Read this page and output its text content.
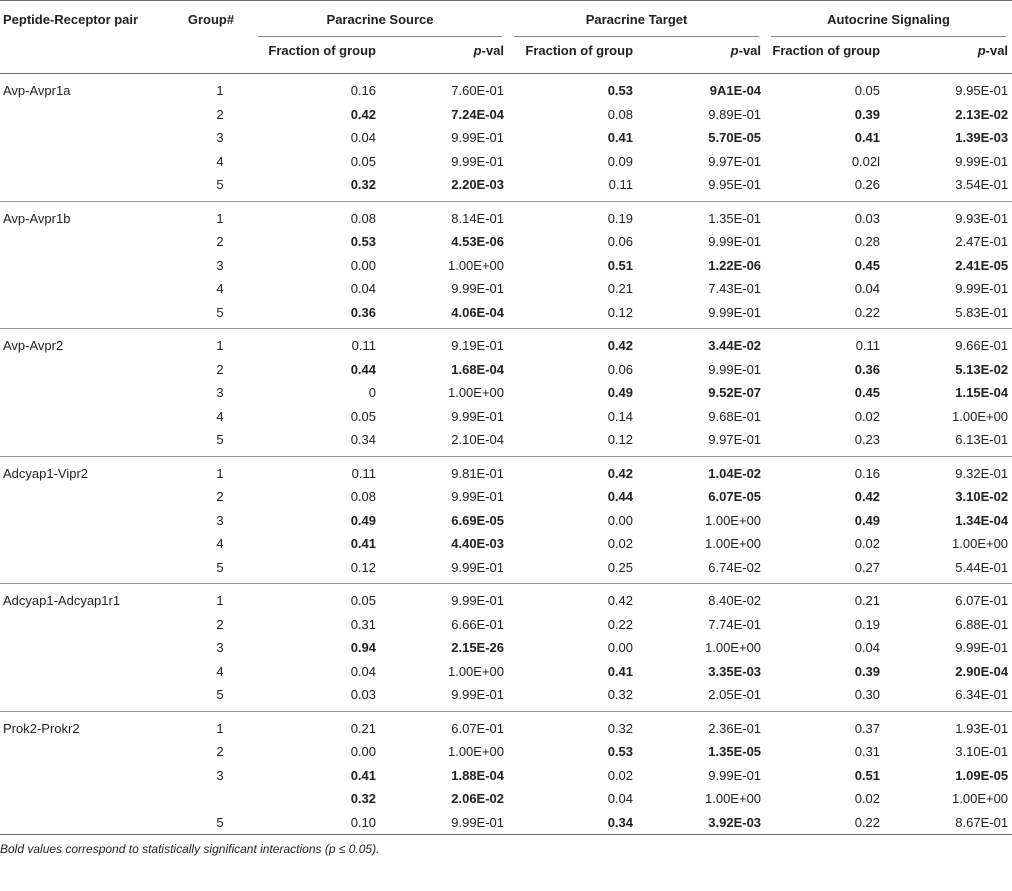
Peptide-Receptor pair	Group#	Paracrine Source		Paracrine Target		Autocrine Signaling	

		Fraction of group	p-val	Fraction of group	p-val	Fraction of group	p-val
Avp-Avpr1a	1	0.16	7.60E-01	0.53	9A1E-04	0.05	9.95E-01
	2	0.42	7.24E-04	0.08	9.89E-01	0.39	2.13E-02
	3	0.04	9.99E-01	0.41	5.70E-05	0.41	1.39E-03
	4	0.05	9.99E-01	0.09	9.97E-01	0.02l	9.99E-01
	5	0.32	2.20E-03	0.11	9.95E-01	0.26	3.54E-01
Avp-Avpr1b	1	0.08	8.14E-01	0.19	1.35E-01	0.03	9.93E-01
	2	0.53	4.53E-06	0.06	9.99E-01	0.28	2.47E-01
	3	0.00	1.00E+00	0.51	1.22E-06	0.45	2.41E-05
	4	0.04	9.99E-01	0.21	7.43E-01	0.04	9.99E-01
	5	0.36	4.06E-04	0.12	9.99E-01	0.22	5.83E-01
Avp-Avpr2	1	0.11	9.19E-01	0.42	3.44E-02	0.11	9.66E-01
	2	0.44	1.68E-04	0.06	9.99E-01	0.36	5.13E-02
	3	0	1.00E+00	0.49	9.52E-07	0.45	1.15E-04
	4	0.05	9.99E-01	0.14	9.68E-01	0.02	1.00E+00
	5	0.34	2.10E-04	0.12	9.97E-01	0.23	6.13E-01
Adcyap1-Vipr2	1	0.11	9.81E-01	0.42	1.04E-02	0.16	9.32E-01
	2	0.08	9.99E-01	0.44	6.07E-05	0.42	3.10E-02
	3	0.49	6.69E-05	0.00	1.00E+00	0.49	1.34E-04
	4	0.41	4.40E-03	0.02	1.00E+00	0.02	1.00E+00
	5	0.12	9.99E-01	0.25	6.74E-02	0.27	5.44E-01
Adcyap1-Adcyap1r1	1	0.05	9.99E-01	0.42	8.40E-02	0.21	6.07E-01
	2	0.31	6.66E-01	0.22	7.74E-01	0.19	6.88E-01
	3	0.94	2.15E-26	0.00	1.00E+00	0.04	9.99E-01
	4	0.04	1.00E+00	0.41	3.35E-03	0.39	2.90E-04
	5	0.03	9.99E-01	0.32	2.05E-01	0.30	6.34E-01
Prok2-Prokr2	1	0.21	6.07E-01	0.32	2.36E-01	0.37	1.93E-01
	2	0.00	1.00E+00	0.53	1.35E-05	0.31	3.10E-01
	3	0.41	1.88E-04	0.02	9.99E-01	0.51	1.09E-05
		0.32	2.06E-02	0.04	1.00E+00	0.02	1.00E+00
	5	0.10	9.99E-01	0.34	3.92E-03	0.22	8.67E-01
Bold values correspond to statistically significant interactions (p ≤ 0.05).
